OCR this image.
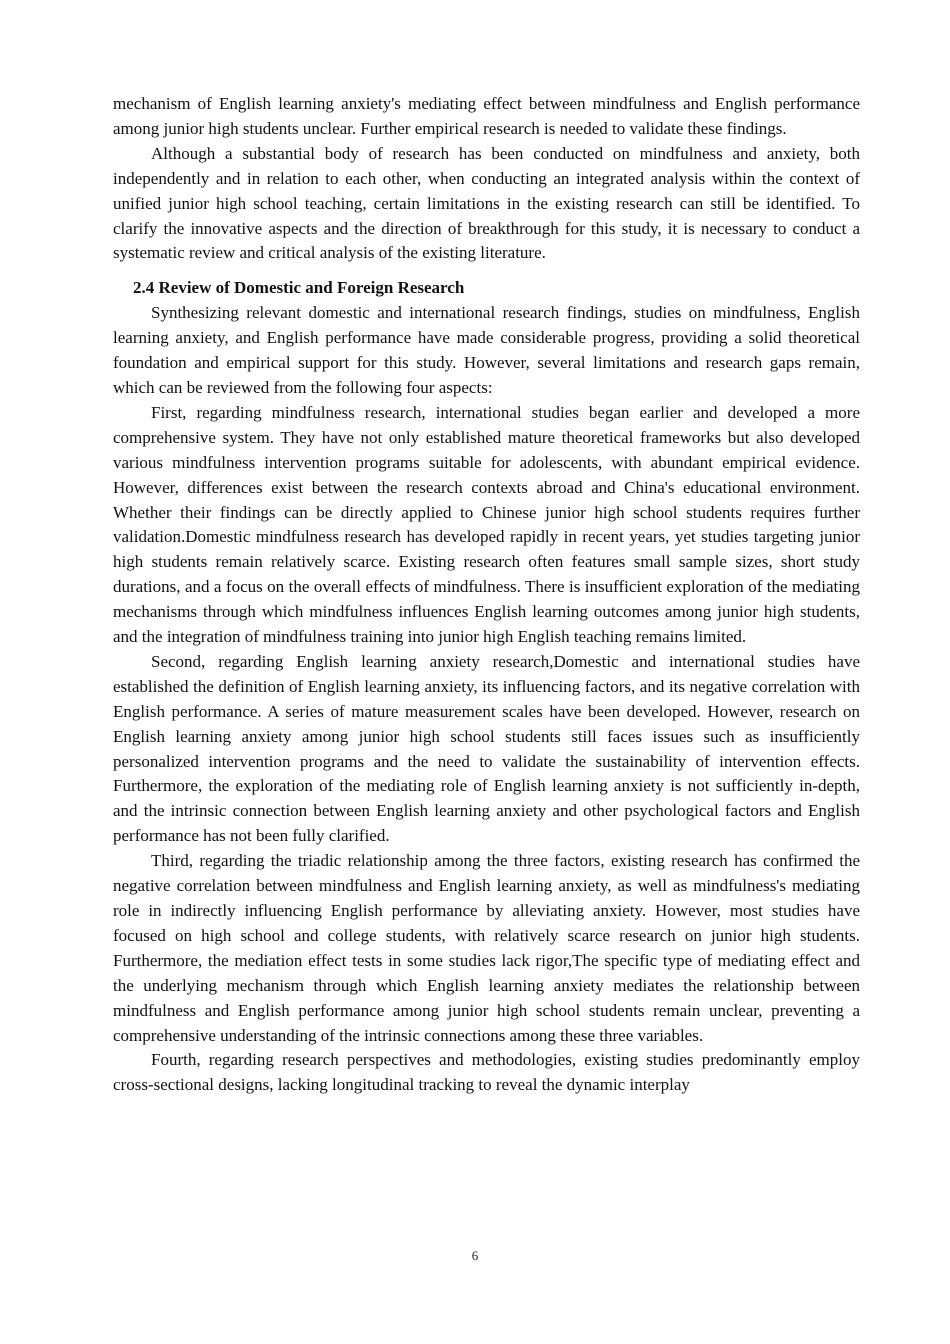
mechanism of English learning anxiety's mediating effect between mindfulness and English performance among junior high students unclear. Further empirical research is needed to validate these findings.

Although a substantial body of research has been conducted on mindfulness and anxiety, both independently and in relation to each other, when conducting an integrated analysis within the context of unified junior high school teaching, certain limitations in the existing research can still be identified. To clarify the innovative aspects and the direction of breakthrough for this study, it is necessary to conduct a systematic review and critical analysis of the existing literature.

2.4 Review of Domestic and Foreign Research

Synthesizing relevant domestic and international research findings, studies on mindfulness, English learning anxiety, and English performance have made considerable progress, providing a solid theoretical foundation and empirical support for this study. However, several limitations and research gaps remain, which can be reviewed from the following four aspects:

First, regarding mindfulness research, international studies began earlier and developed a more comprehensive system. They have not only established mature theoretical frameworks but also developed various mindfulness intervention programs suitable for adolescents, with abundant empirical evidence. However, differences exist between the research contexts abroad and China's educational environment. Whether their findings can be directly applied to Chinese junior high school students requires further validation.Domestic mindfulness research has developed rapidly in recent years, yet studies targeting junior high students remain relatively scarce. Existing research often features small sample sizes, short study durations, and a focus on the overall effects of mindfulness. There is insufficient exploration of the mediating mechanisms through which mindfulness influences English learning outcomes among junior high students, and the integration of mindfulness training into junior high English teaching remains limited.

Second, regarding English learning anxiety research,Domestic and international studies have established the definition of English learning anxiety, its influencing factors, and its negative correlation with English performance. A series of mature measurement scales have been developed. However, research on English learning anxiety among junior high school students still faces issues such as insufficiently personalized intervention programs and the need to validate the sustainability of intervention effects. Furthermore, the exploration of the mediating role of English learning anxiety is not sufficiently in-depth, and the intrinsic connection between English learning anxiety and other psychological factors and English performance has not been fully clarified.

Third, regarding the triadic relationship among the three factors, existing research has confirmed the negative correlation between mindfulness and English learning anxiety, as well as mindfulness's mediating role in indirectly influencing English performance by alleviating anxiety. However, most studies have focused on high school and college students, with relatively scarce research on junior high students. Furthermore, the mediation effect tests in some studies lack rigor,The specific type of mediating effect and the underlying mechanism through which English learning anxiety mediates the relationship between mindfulness and English performance among junior high school students remain unclear, preventing a comprehensive understanding of the intrinsic connections among these three variables.

Fourth, regarding research perspectives and methodologies, existing studies predominantly employ cross-sectional designs, lacking longitudinal tracking to reveal the dynamic interplay

6
